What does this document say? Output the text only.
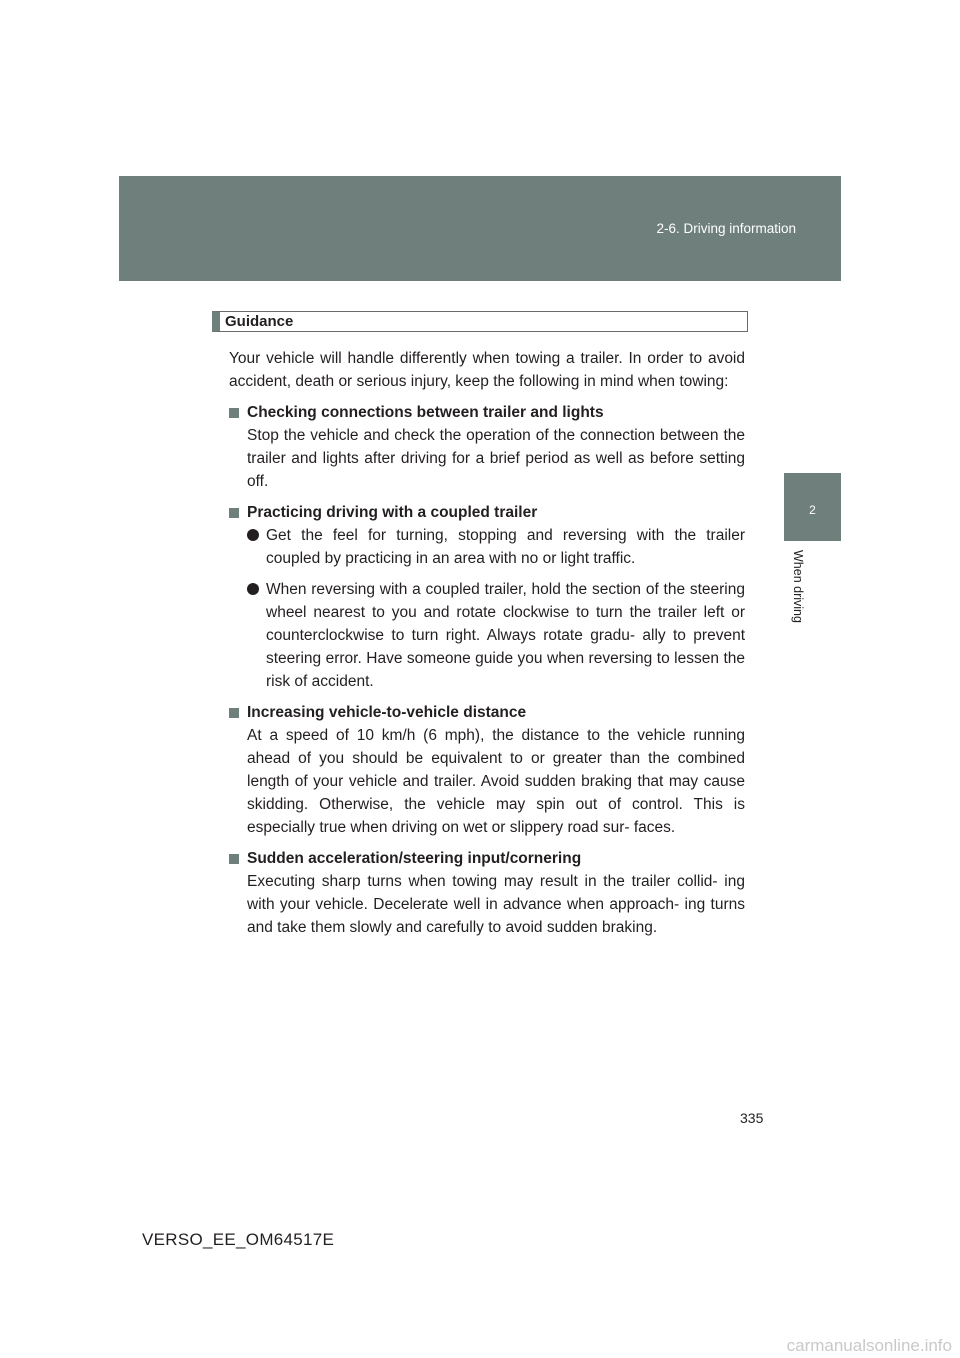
2-6. Driving information
2
When driving
Guidance

Your vehicle will handle differently when towing a trailer. In order to avoid accident, death or serious injury, keep the following in mind when towing:

Checking connections between trailer and lights

Stop the vehicle and check the operation of the connection between the trailer and lights after driving for a brief period as well as before setting off.

Practicing driving with a coupled trailer

Get the feel for turning, stopping and reversing with the trailer coupled by practicing in an area with no or light traffic.

When reversing with a coupled trailer, hold the section of the steering wheel nearest to you and rotate clockwise to turn the trailer left or counterclockwise to turn right. Always rotate gradu- ally to prevent steering error. Have someone guide you when reversing to lessen the risk of accident.

Increasing vehicle-to-vehicle distance

At a speed of 10 km/h (6 mph), the distance to the vehicle running ahead of you should be equivalent to or greater than the combined length of your vehicle and trailer. Avoid sudden braking that may cause skidding. Otherwise, the vehicle may spin out of control. This is especially true when driving on wet or slippery road sur- faces.

Sudden acceleration/steering input/cornering

Executing sharp turns when towing may result in the trailer collid- ing with your vehicle. Decelerate well in advance when approach- ing turns and take them slowly and carefully to avoid sudden braking.

335
VERSO_EE_OM64517E
carmanualsonline.info
